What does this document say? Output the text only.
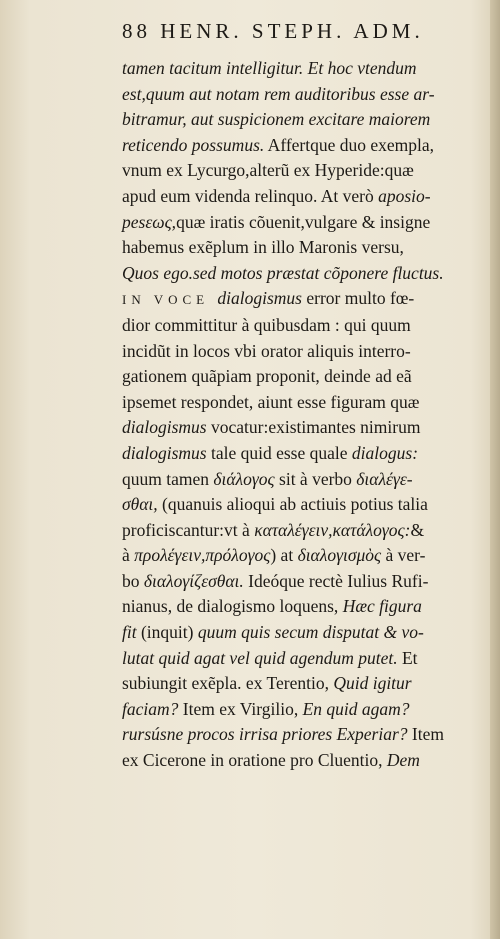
88 HENR. STEPH. ADM.
tamen tacitum intelligitur. Et hoc vtendum
est,quum aut notam rem auditoribus esse ar-
bitramur, aut suspicionem excitare maiorem
reticendo possumus. Affertque duo exempla,
vnum ex Lycurgo,alterũ ex Hyperide:quæ
apud eum videnda relinquo. At verò aposio-
pesεως,quæ iratis cõuenit,vulgare & insigne
habemus exẽplum in illo Maronis versu,
Quos ego.sed motos præstat cõponere fluctus.
IN VOCE dialogismus error multo fœ-
dior committitur à quibusdam : qui quum
incidũt in locos vbi orator aliquis interro-
gationem quãpiam proponit, deinde ad eã
ipsemet respondet, aiunt esse figuram quæ
dialogismus vocatur:existimantes nimirum
dialogismus tale quid esse quale dialogus:
quum tamen διάλογος sit à verbo διαλέγε-
σθαι, (quanuis alioqui ab actiuis potius talia
proficiscantur:vt à καταλέγειν,κατάλογος:&
à προλέγειν,πρόλογος) at διαλογισμὸς à ver-
bo διαλογίζεσθαι. Ideóque rectè Iulius Rufi-
nianus, de dialogismo loquens, Hæc figura
fit (inquit) quum quis secum disputat & vo-
lutat quid agat vel quid agendum putet. Et
subiungit exẽpla. ex Terentio, Quid igitur
faciam? Item ex Virgilio, En quid agam?
rursúsne procos irrisa priores Experiar? Item
ex Cicerone in oratione pro Cluentio, Dem
